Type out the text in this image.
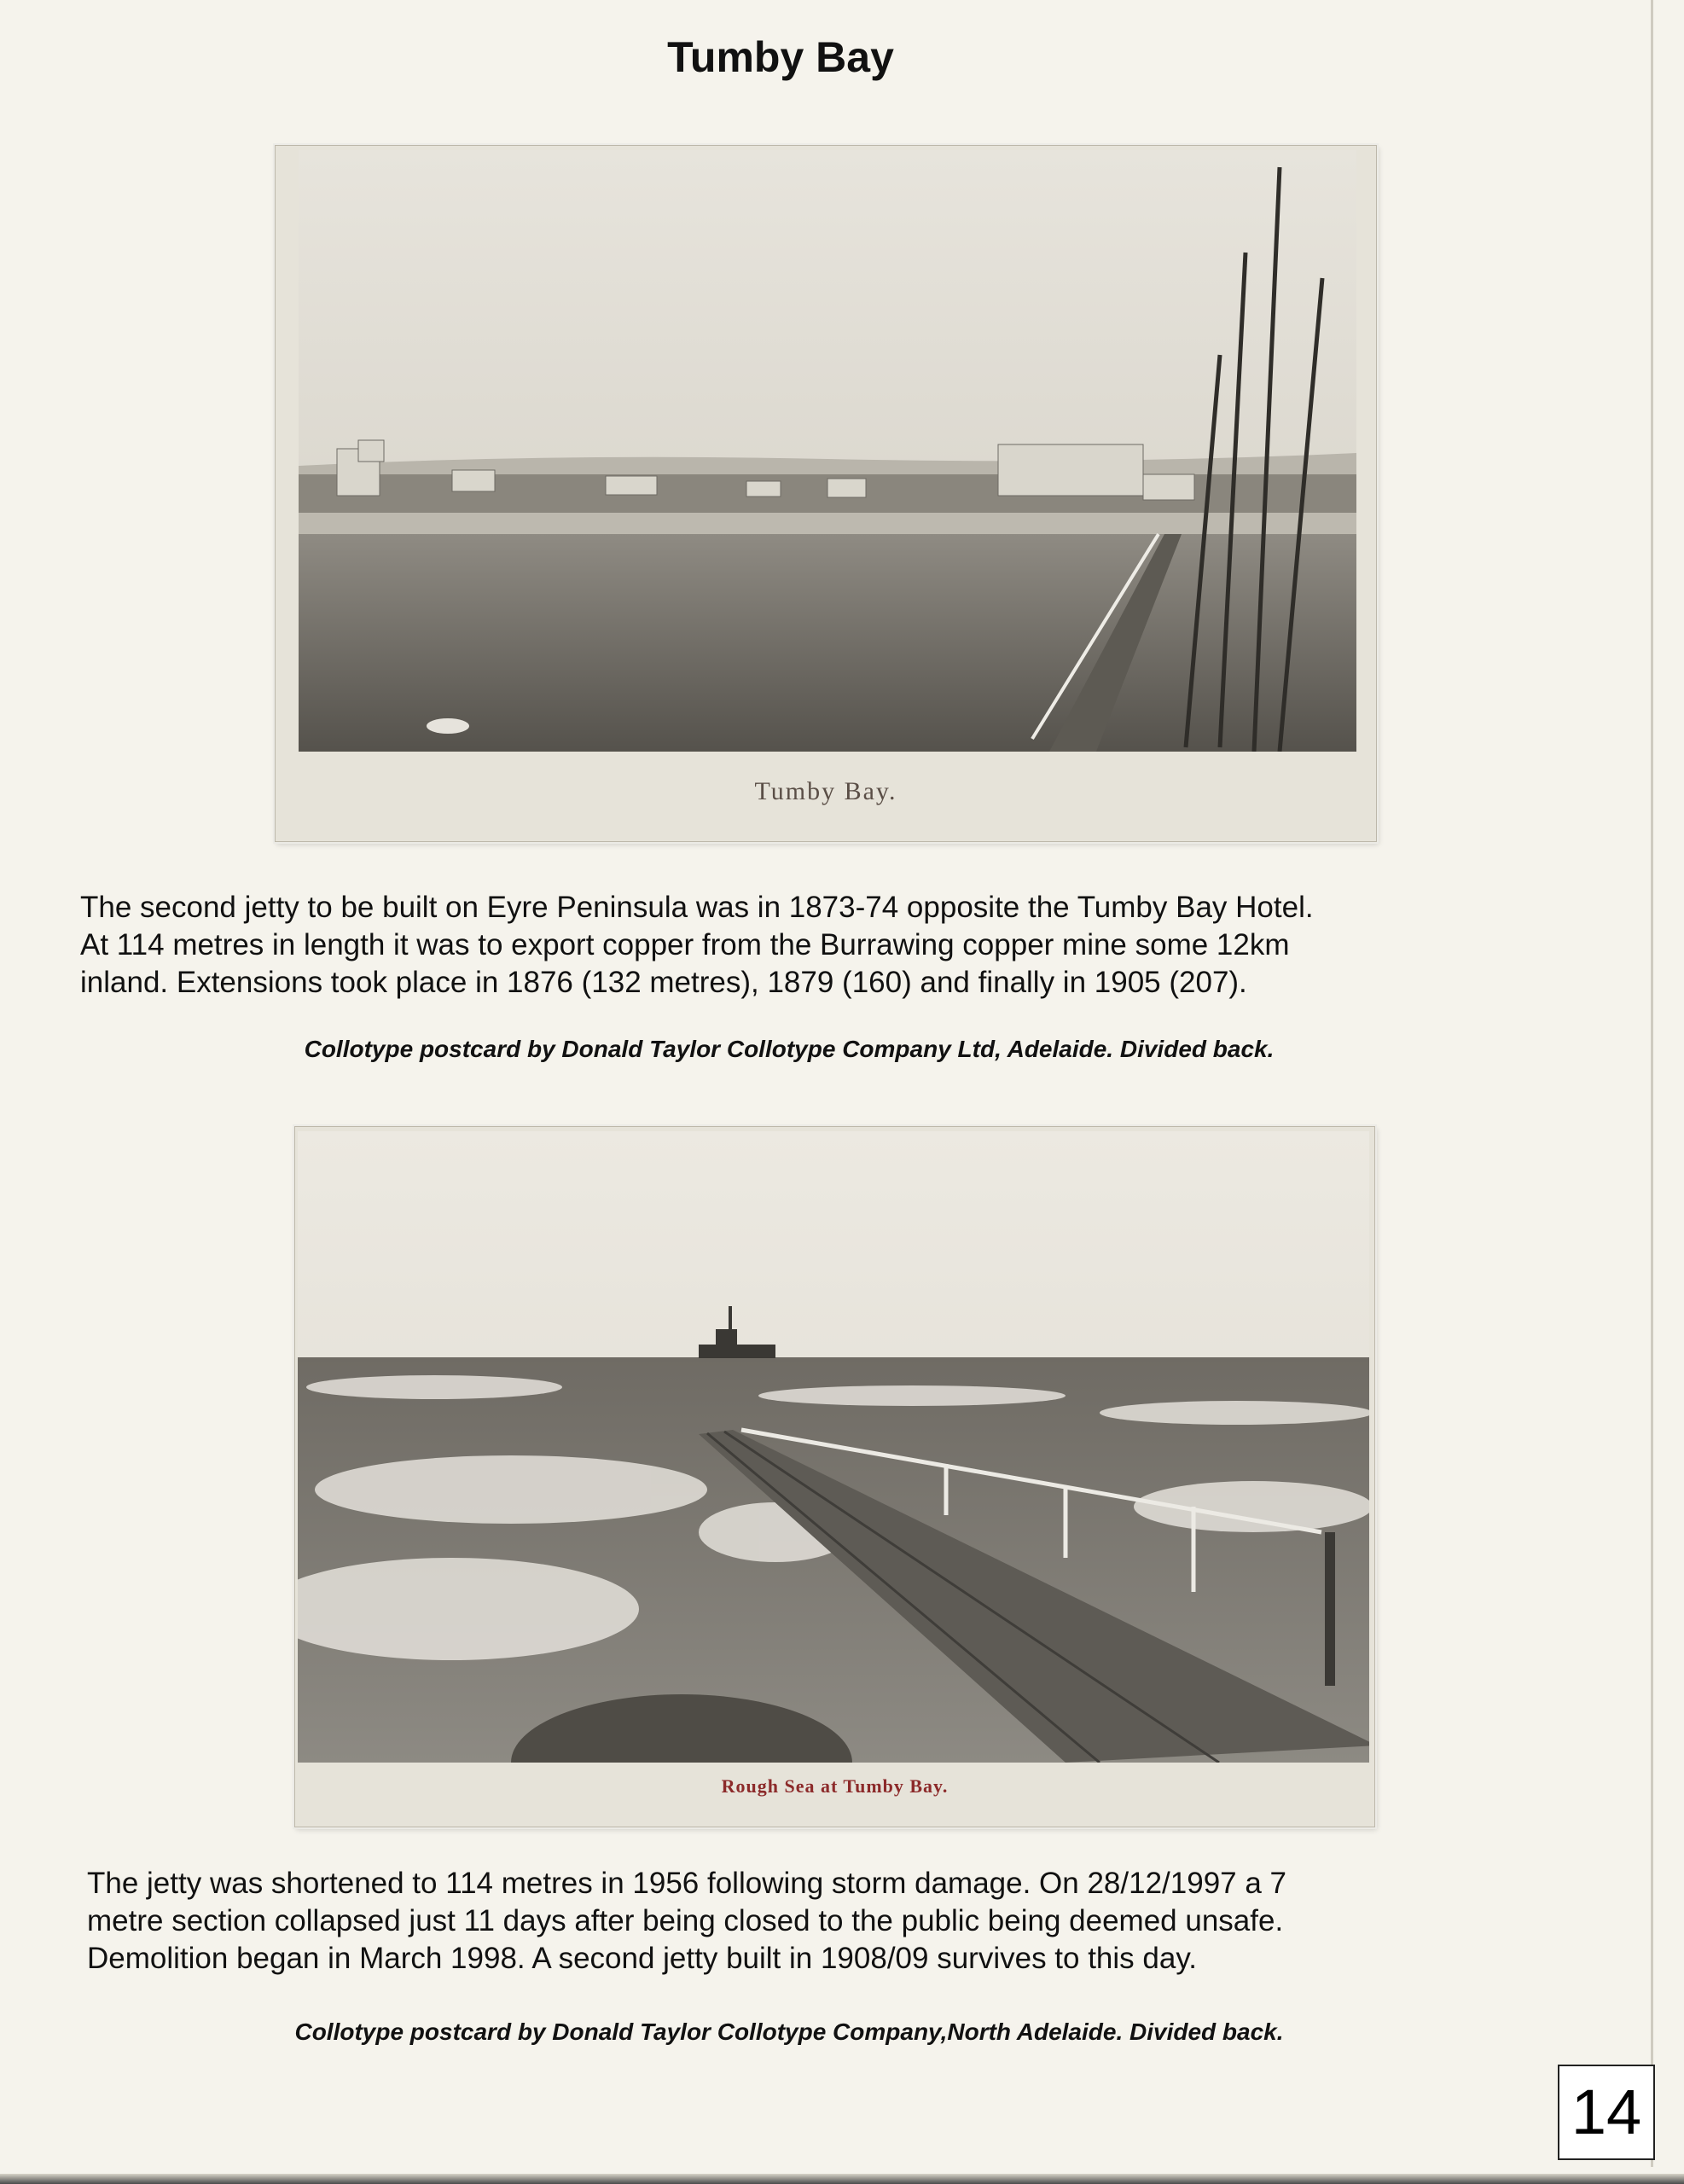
Tumby Bay
Tumby Bay.

The second jetty to be built on Eyre Peninsula was in 1873-74 opposite the Tumby Bay Hotel.

At 114 metres in length it was to export copper from the Burrawing copper mine some 12km

inland. Extensions took place in 1876 (132 metres), 1879 (160) and finally in 1905 (207).

Collotype postcard by Donald Taylor Collotype Company Ltd, Adelaide. Divided back.
Rough Sea at Tumby Bay.

The jetty was shortened to 114 metres in 1956 following storm damage. On 28/12/1997 a 7

metre section collapsed just 11 days after being closed to the public being deemed unsafe.

Demolition began in March 1998. A second jetty built in 1908/09 survives to this day.

Collotype postcard by Donald Taylor Collotype Company,North Adelaide. Divided back.
14
